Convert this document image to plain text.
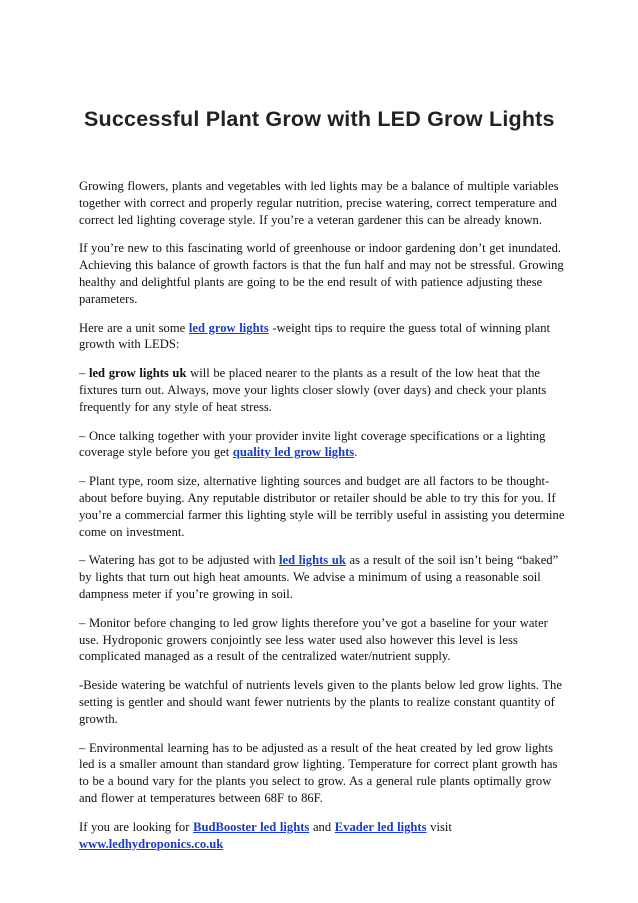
Successful Plant Grow with LED Grow Lights

Growing flowers, plants and vegetables with led lights may be a balance of multiple variables together with correct and properly regular nutrition, precise watering, correct temperature and correct led lighting coverage style. If you’re a veteran gardener this can be already known.

If you’re new to this fascinating world of greenhouse or indoor gardening don’t get inundated. Achieving this balance of growth factors is that the fun half and may not be stressful. Growing healthy and delightful plants are going to be the end result of with patience adjusting these parameters.

Here are a unit some led grow lights -weight tips to require the guess total of winning plant growth with LEDS:

– led grow lights uk will be placed nearer to the plants as a result of the low heat that the fixtures turn out. Always, move your lights closer slowly (over days) and check your plants frequently for any style of heat stress.

– Once talking together with your provider invite light coverage specifications or a lighting coverage style before you get quality led grow lights.

– Plant type, room size, alternative lighting sources and budget are all factors to be thought-about before buying. Any reputable distributor or retailer should be able to try this for you. If you’re a commercial farmer this lighting style will be terribly useful in assisting you determine come on investment.

– Watering has got to be adjusted with led lights uk as a result of the soil isn’t being “baked” by lights that turn out high heat amounts. We advise a minimum of using a reasonable soil dampness meter if you’re growing in soil.

– Monitor before changing to led grow lights therefore you’ve got a baseline for your water use. Hydroponic growers conjointly see less water used also however this level is less complicated managed as a result of the centralized water/nutrient supply.

-Beside watering be watchful of nutrients levels given to the plants below led grow lights. The setting is gentler and should want fewer nutrients by the plants to realize constant quantity of growth.

– Environmental learning has to be adjusted as a result of the heat created by led grow lights led is a smaller amount than standard grow lighting. Temperature for correct plant growth has to be a bound vary for the plants you select to grow. As a general rule plants optimally grow and flower at temperatures between 68F to 86F.

If you are looking for BudBooster led lights and Evader led lights visit
www.ledhydroponics.co.uk
